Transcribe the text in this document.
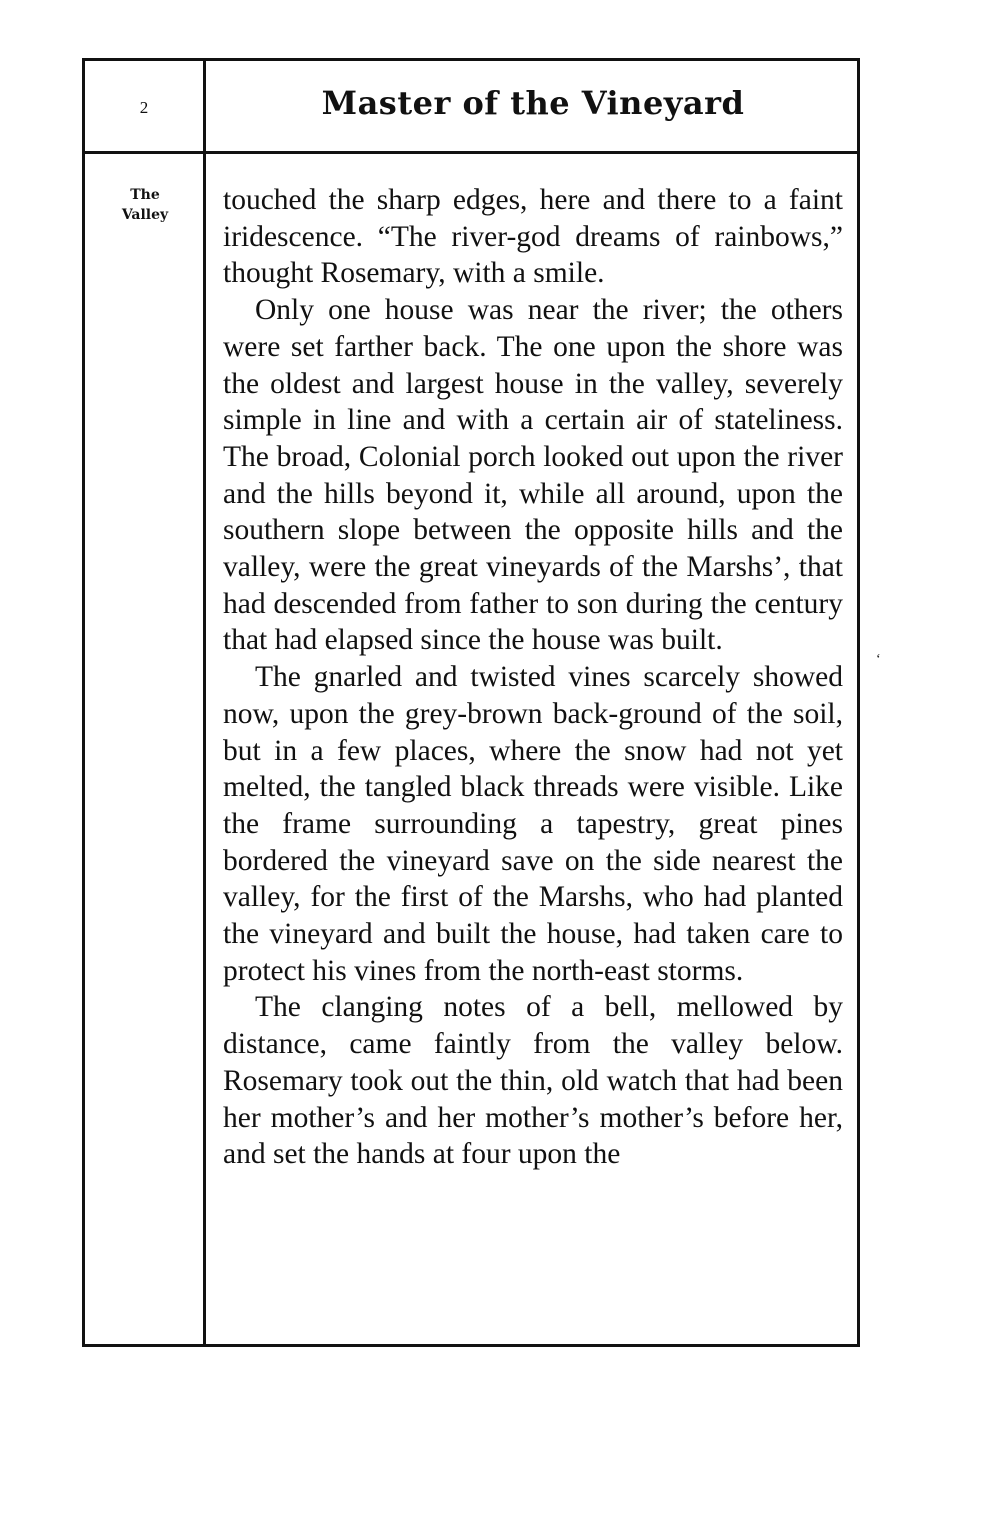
2	Master of the Vineyard
The
Valley	touched the sharp edges, here and there to a faint iridescence. “The river-god dreams of rainbows,” thought Rosemary, with a smile.

Only one house was near the river; the others were set farther back. The one upon the shore was the oldest and largest house in the valley, severely simple in line and with a certain air of stateliness. The broad, Colonial porch looked out upon the river and the hills beyond it, while all around, upon the southern slope between the opposite hills and the valley, were the great vineyards of the Marshs’, that had descended from father to son during the century that had elapsed since the house was built.

The gnarled and twisted vines scarcely showed now, upon the grey-brown back-ground of the soil, but in a few places, where the snow had not yet melted, the tangled black threads were visible. Like the frame surrounding a tapestry, great pines bordered the vineyard save on the side nearest the valley, for the first of the Marshs, who had planted the vineyard and built the house, had taken care to protect his vines from the north-east storms.

The clanging notes of a bell, mellowed by distance, came faintly from the valley below. Rosemary took out the thin, old watch that had been her mother’s and her mother’s mother’s before her, and set the hands at four upon the

‘
